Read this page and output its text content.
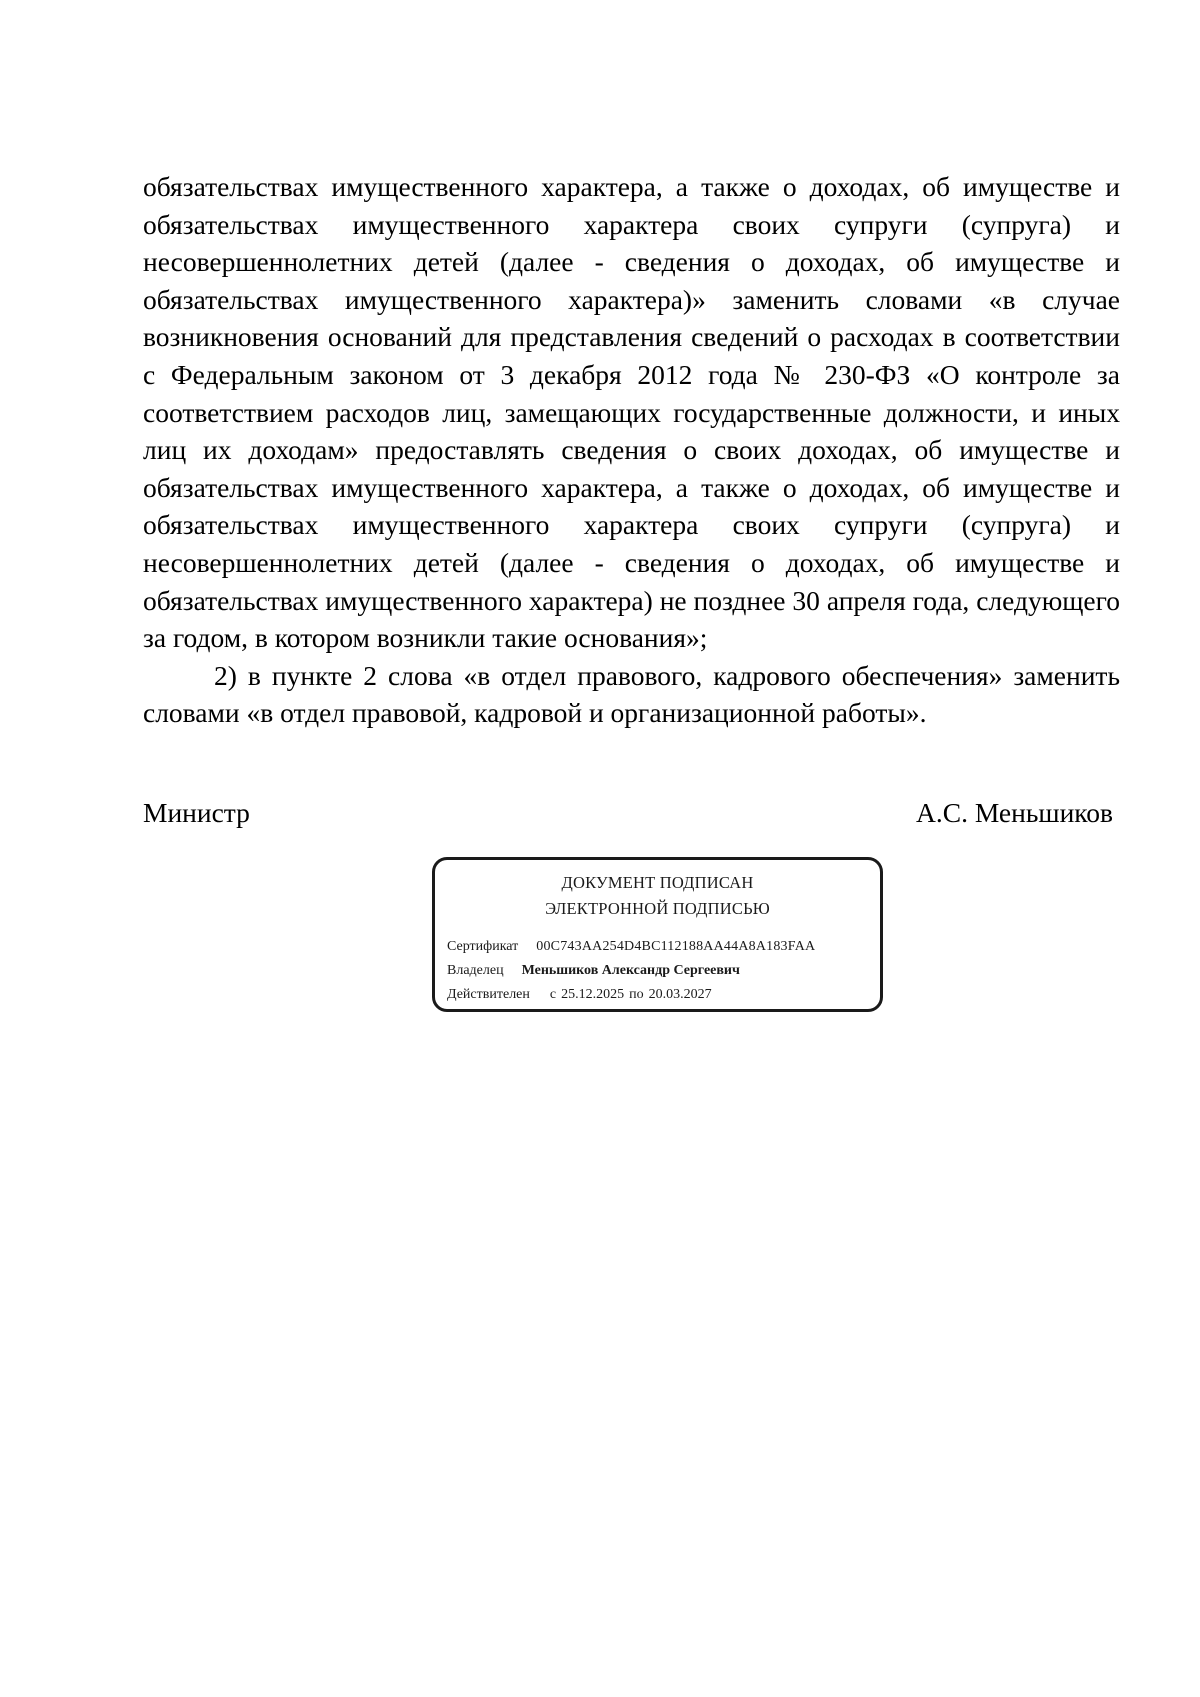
обязательствах имущественного характера, а также о доходах, об имуществе и обязательствах имущественного характера своих супруги (супруга) и несовершеннолетних детей (далее - сведения о доходах, об имуществе и обязательствах имущественного характера)» заменить словами «в случае возникновения оснований для представления сведений о расходах в соответствии с Федеральным законом от 3 декабря 2012 года № 230-ФЗ «О контроле за соответствием расходов лиц, замещающих государственные должности, и иных лиц их доходам» предоставлять сведения о своих доходах, об имуществе и обязательствах имущественного характера, а также о доходах, об имуществе и обязательствах имущественного характера своих супруги (супруга) и несовершеннолетних детей (далее - сведения о доходах, об имуществе и обязательствах имущественного характера) не позднее 30 апреля года, следующего за годом, в котором возникли такие основания»;

2) в пункте 2 слова «в отдел правового, кадрового обеспечения» заменить словами «в отдел правовой, кадровой и организационной работы».

Министр	А.С. Меньшиков
ДОКУМЕНТ ПОДПИСАН
ЭЛЕКТРОННОЙ ПОДПИСЬЮ
Сертификат 00C743AA254D4BC112188AA44A8A183FAA
Владелец Меньшиков Александр Сергеевич
Действителен с 25.12.2025 по 20.03.2027
